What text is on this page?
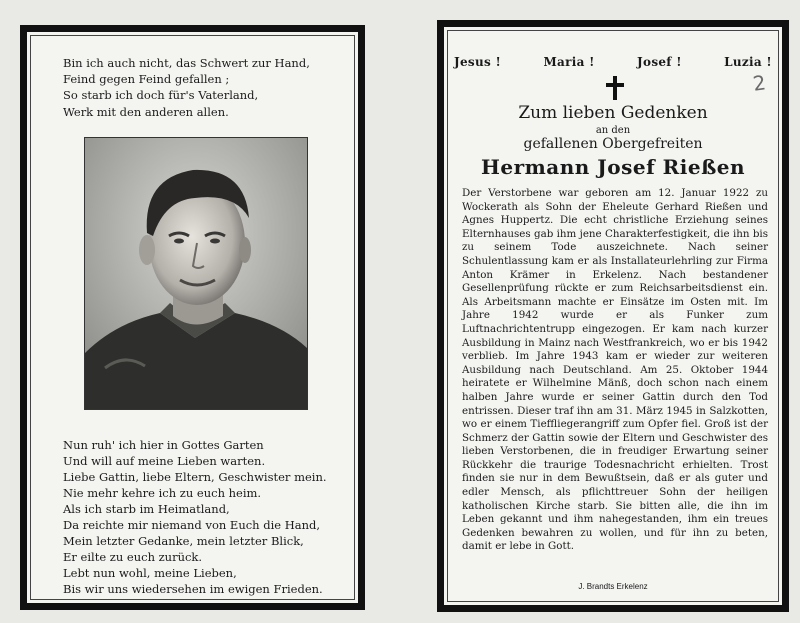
Bin ich auch nicht, das Schwert zur Hand,
Feind gegen Feind gefallen ;
So starb ich doch für's Vaterland,
Werk mit den anderen allen.
Nun ruh' ich hier in Gottes Garten
Und will auf meine Lieben warten.
Liebe Gattin, liebe Eltern, Geschwister mein.
Nie mehr kehre ich zu euch heim.
Als ich starb im Heimatland,
Da reichte mir niemand von Euch die Hand,
Mein letzter Gedanke, mein letzter Blick,
Er eilte zu euch zurück.
Lebt nun wohl, meine Lieben,
Bis wir uns wiedersehen im ewigen Frieden.
Jesus !	Maria !	Josef !	Luzia !
2
Zum lieben Gedenken
an den
gefallenen Obergefreiten
Hermann Josef Rießen
Der Verstorbene war geboren am 12. Januar 1922 zu Wockerath als Sohn der Eheleute Gerhard Rießen und Agnes Huppertz. Die echt christliche Erziehung seines Elternhauses gab ihm jene Charakterfestigkeit, die ihn bis zu seinem Tode auszeichnete. Nach seiner Schulentlassung kam er als Installateurlehrling zur Firma Anton Krämer in Erkelenz. Nach bestandener Gesellenprüfung rückte er zum Reichsarbeitsdienst ein. Als Arbeitsmann machte er Einsätze im Osten mit. Im Jahre 1942 wurde er als Funker zum Luftnachrichtentrupp eingezogen. Er kam nach kurzer Ausbildung in Mainz nach Westfrankreich, wo er bis 1942 verblieb. Im Jahre 1943 kam er wieder zur weiteren Ausbildung nach Deutschland. Am 25. Oktober 1944 heiratete er Wilhelmine Mänß, doch schon nach einem halben Jahre wurde er seiner Gattin durch den Tod entrissen. Dieser traf ihn am 31. März 1945 in Salzkotten, wo er einem Tieffliegerangriff zum Opfer fiel. Groß ist der Schmerz der Gattin sowie der Eltern und Geschwister des lieben Verstorbenen, die in freudiger Erwartung seiner Rückkehr die traurige Todesnachricht erhielten. Trost finden sie nur in dem Bewußtsein, daß er als guter und edler Mensch, als pflichttreuer Sohn der heiligen katholischen Kirche starb. Sie bitten alle, die ihn im Leben gekannt und ihm nahegestanden, ihm ein treues Gedenken bewahren zu wollen, und für ihn zu beten, damit er lebe in Gott.
J. Brandts Erkelenz
